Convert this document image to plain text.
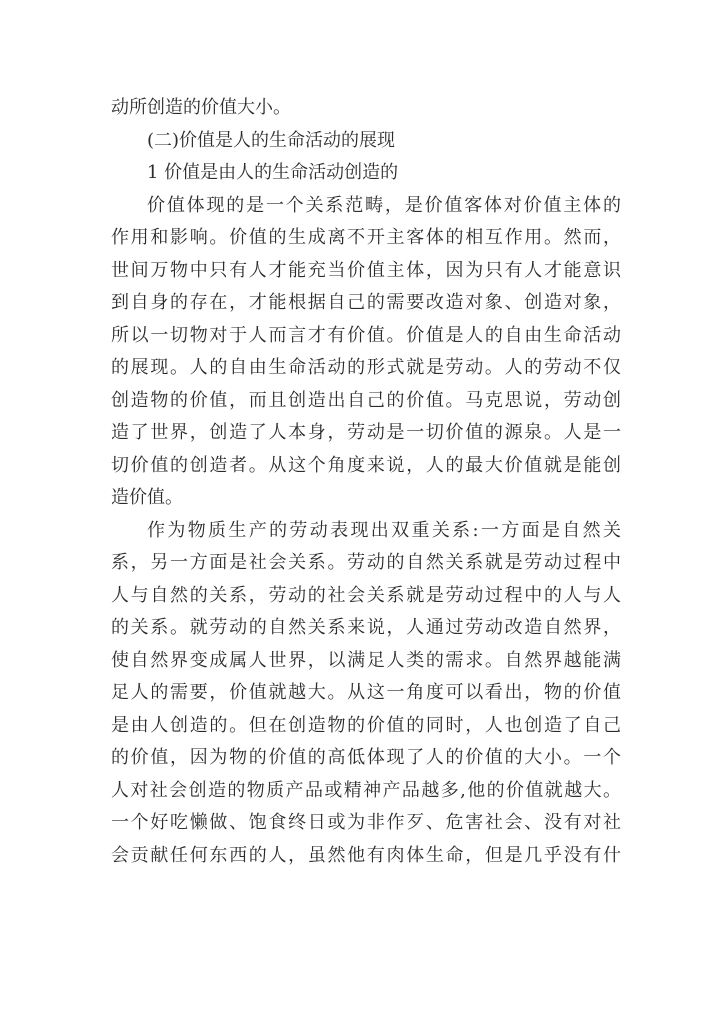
动所创造的价值大小。
(二)价值是人的生命活动的展现
1 价值是由人的生命活动创造的
价值体现的是一个关系范畴，是价值客体对价值主体的
作用和影响。价值的生成离不开主客体的相互作用。然而，
世间万物中只有人才能充当价值主体，因为只有人才能意识
到自身的存在，才能根据自己的需要改造对象、创造对象，
所以一切物对于人而言才有价值。价值是人的自由生命活动
的展现。人的自由生命活动的形式就是劳动。人的劳动不仅
创造物的价值，而且创造出自己的价值。马克思说，劳动创
造了世界，创造了人本身，劳动是一切价值的源泉。人是一
切价值的创造者。从这个角度来说，人的最大价值就是能创
造价值。
作为物质生产的劳动表现出双重关系:一方面是自然关
系，另一方面是社会关系。劳动的自然关系就是劳动过程中
人与自然的关系，劳动的社会关系就是劳动过程中的人与人
的关系。就劳动的自然关系来说，人通过劳动改造自然界，
使自然界变成属人世界，以满足人类的需求。自然界越能满
足人的需要，价值就越大。从这一角度可以看出，物的价值
是由人创造的。但在创造物的价值的同时，人也创造了自己
的价值，因为物的价值的高低体现了人的价值的大小。一个
人对社会创造的物质产品或精神产品越多,他的价值就越大。
一个好吃懒做、饱食终日或为非作歹、危害社会、没有对社
会贡献任何东西的人，虽然他有肉体生命，但是几乎没有什
